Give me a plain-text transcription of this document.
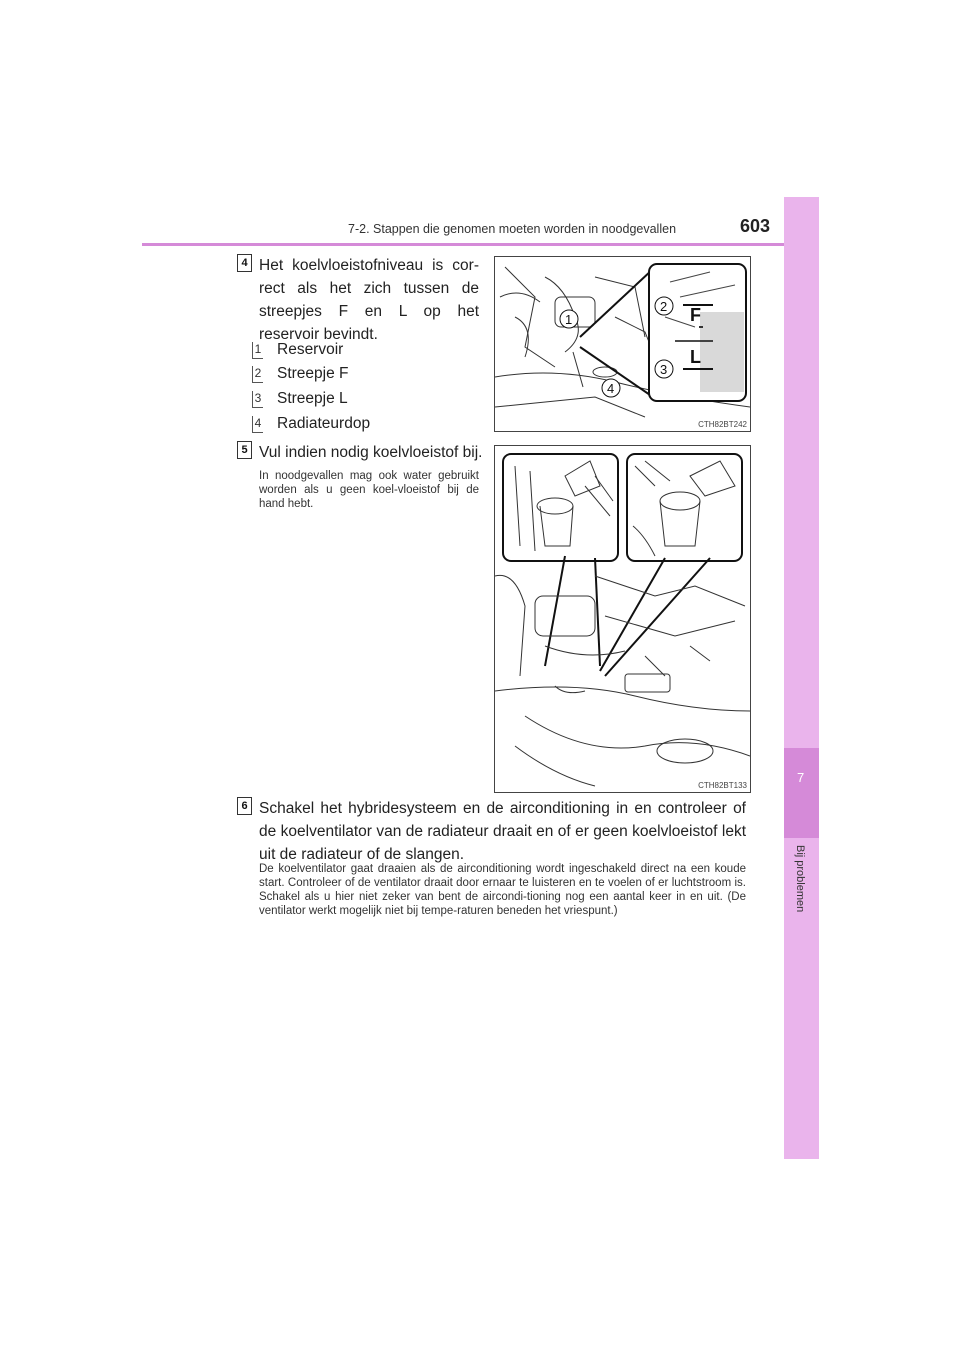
7-2. Stappen die genomen moeten worden in noodgevallen	603
7
Bij problemen
4 Het koelvloeistofniveau is cor-rect als het zich tussen de streepjes F en L op het reservoir bevindt.
1 Reservoir
2 Streepje F
3 Streepje L
4 Radiateurdop
F
L
1
2
3
4
CTH82BT242
5 Vul indien nodig koelvloeistof bij.
In noodgevallen mag ook water gebruikt worden als u geen koel-vloeistof bij de hand hebt.
CTH82BT133
6 Schakel het hybridesysteem en de airconditioning in en controleer of de koelventilator van de radiateur draait en of er geen koelvloeistof lekt uit de radiateur of de slangen.
De koelventilator gaat draaien als de airconditioning wordt ingeschakeld direct na een koude start. Controleer of de ventilator draait door ernaar te luisteren en te voelen of er luchtstroom is. Schakel als u hier niet zeker van bent de aircondi-tioning nog een aantal keer in en uit. (De ventilator werkt mogelijk niet bij tempe-raturen beneden het vriespunt.)
